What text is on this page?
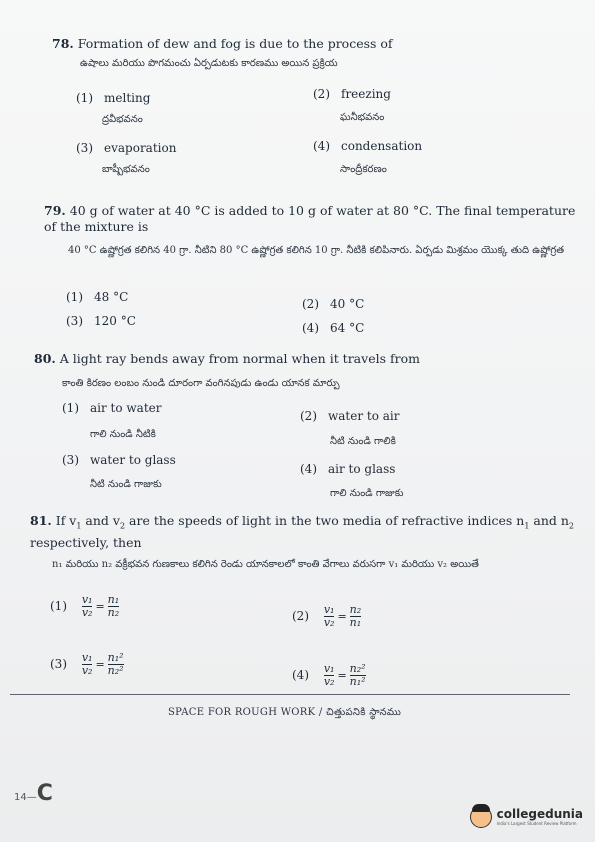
78. Formation of dew and fog is due to the process of
ఉషాలు మరియు పొగమంచు ఏర్పడుటకు కారణము అయిన ప్రక్రియ
(1) melting
ద్రవీభవనం
(2) freezing
ఘనీభవనం
(3) evaporation
బాష్పీభవనం
(4) condensation
సాంద్రీకరణం
79. 40 g of water at 40 °C is added to 10 g of water at 80 °C. The final temperature of the mixture is
40 °C ఉష్ణోగ్రత కలిగిన 40 గ్రా. నీటిని 80 °C ఉష్ణోగ్రత కలిగిన 10 గ్రా. నీటికి కలిపినారు. ఏర్పడు మిశ్రమం యొక్క తుది ఉష్ణోగ్రత
(1) 48 °C	(2) 40 °C
(3) 120 °C	(4) 64 °C
80. A light ray bends away from normal when it travels from
కాంతి కిరణం లంబం నుండి దూరంగా వంగినపుడు ఉండు యానక మార్పు
(1) air to water
గాలి నుండి నీటికి
(2) water to air
నీటి నుండి గాలికి
(3) water to glass
నీటి నుండి గాజుకు
(4) air to glass
గాలి నుండి గాజుకు
81. If $v_1$ and $v_2$ are the speeds of light in the two media of refractive indices $n_1$ and $n_2$ respectively, then
n₁ మరియు n₂ వక్రీభవన గుణకాలు కలిగిన రెండు యానకాలలో కాంతి వేగాలు వరుసగా v₁ మరియు v₂ అయితే
$(1) \frac{\text{v₁}}{\text{v₂}} = \frac{\text{n₁}}{\text{n₂}}$	$(2) \frac{\text{v₁}}{\text{v₂}} = \frac{\text{n₂}}{\text{n₁}}$
$(3) \frac{\text{v₁}}{\text{v₂}} = \frac{\text{n₁²}}{\text{n₂²}}$	$(4) \frac{\text{v₁}}{\text{v₂}} = \frac{\text{n₂²}}{\text{n₁²}}$
SPACE FOR ROUGH WORK / చిత్తుపనికి స్థానము
14—C
collegedunia
India's Largest Student Review Platform
